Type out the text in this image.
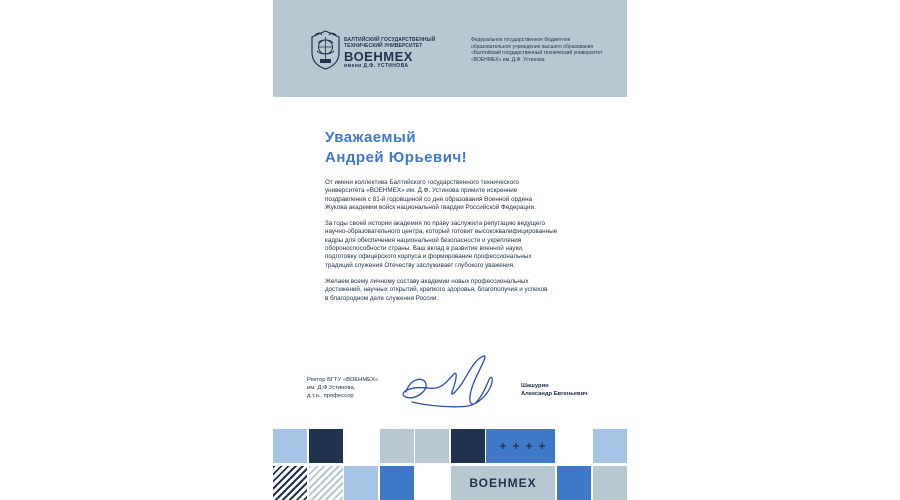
БАЛТИЙСКИЙ ГОСУДАРСТВЕННЫЙ ТЕХНИЧЕСКИЙ УНИВЕРСИТЕТ
ВОЕНМЕХ
имени Д.Ф. УСТИНОВА
Федеральное государственное бюджетное образовательное учреждение высшего образования «Балтийский государственный технический университет «ВОЕНМЕХ» им. Д.Ф. Устинова
Уважаемый
Андрей Юрьевич!

От имени коллектива Балтийского государственного технического
университета «ВОЕНМЕХ» им. Д.Ф. Устинова примите искренние
поздравления с 81-й годовщиной со дня образования Военной ордена
Жукова академии войск национальной гвардии Российской Федерации.

За годы своей истории академия по праву заслужила репутацию ведущего
научно-образовательного центра, который готовит высококвалифицированные
кадры для обеспечения национальной безопасности и укрепления
обороноспособности страны. Ваш вклад в развитие военной науки,
подготовку офицерского корпуса и формирование профессиональных
традиций служения Отечеству заслуживает глубокого уважения.

Желаем всему личному составу академии новых профессиональных
достижений, научных открытий, крепкого здоровья, благополучия и успехов
в благородном деле служения России.

Ректор БГТУ «ВОЕНМЕХ»
им. Д.Ф.Устинова,
д.т.н., профессор
Шашурин
Александр Евгеньевич
ВОЕНМЕХ
